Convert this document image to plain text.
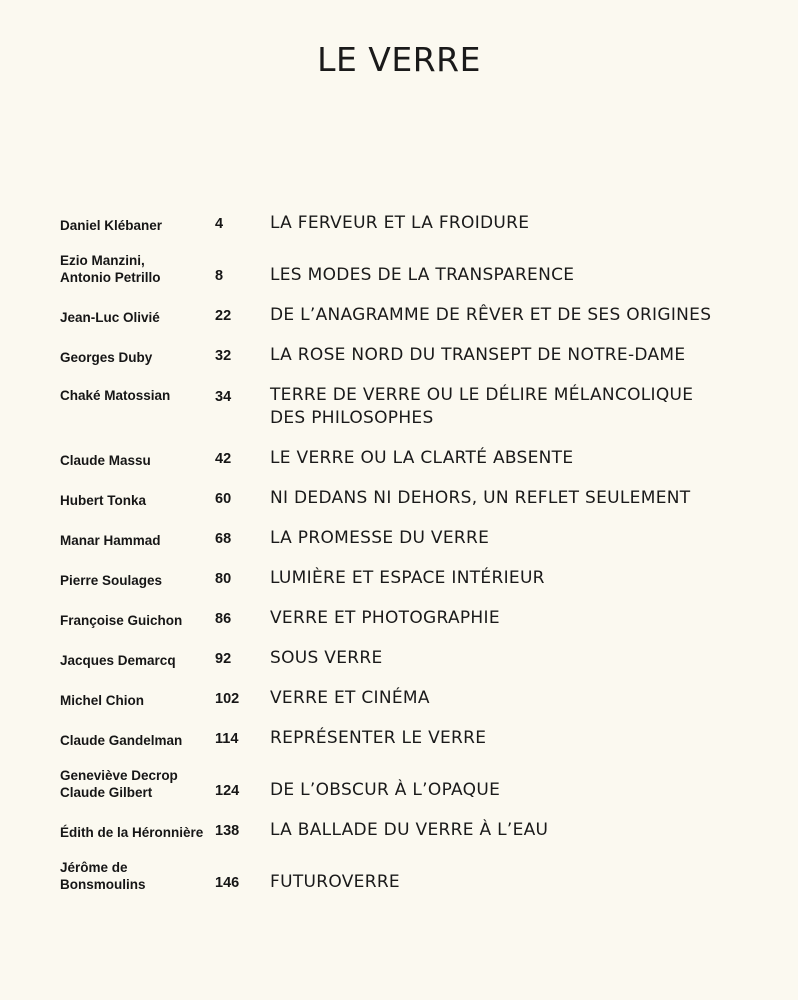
LE VERRE
Daniel Klébaner	4	LA FERVEUR ET LA FROIDURE
Ezio Manzini,
Antonio Petrillo	8	LES MODES DE LA TRANSPARENCE
Jean-Luc Olivié	22	DE L’ANAGRAMME DE RÊVER ET DE SES ORIGINES
Georges Duby	32	LA ROSE NORD DU TRANSEPT DE NOTRE-DAME
Chaké Matossian	34	TERRE DE VERRE OU LE DÉLIRE MÉLANCOLIQUE
DES PHILOSOPHES
Claude Massu	42	LE VERRE OU LA CLARTÉ ABSENTE
Hubert Tonka	60	NI DEDANS NI DEHORS, UN REFLET SEULEMENT
Manar Hammad	68	LA PROMESSE DU VERRE
Pierre Soulages	80	LUMIÈRE ET ESPACE INTÉRIEUR
Françoise Guichon	86	VERRE ET PHOTOGRAPHIE
Jacques Demarcq	92	SOUS VERRE
Michel Chion	102	VERRE ET CINÉMA
Claude Gandelman	114	REPRÉSENTER LE VERRE
Geneviève Decrop
Claude Gilbert	124	DE L’OBSCUR À L’OPAQUE
Édith de la Héronnière 138	LA BALLADE DU VERRE À L’EAU
Jérôme de Bonsmoulins	146	FUTUROVERRE
